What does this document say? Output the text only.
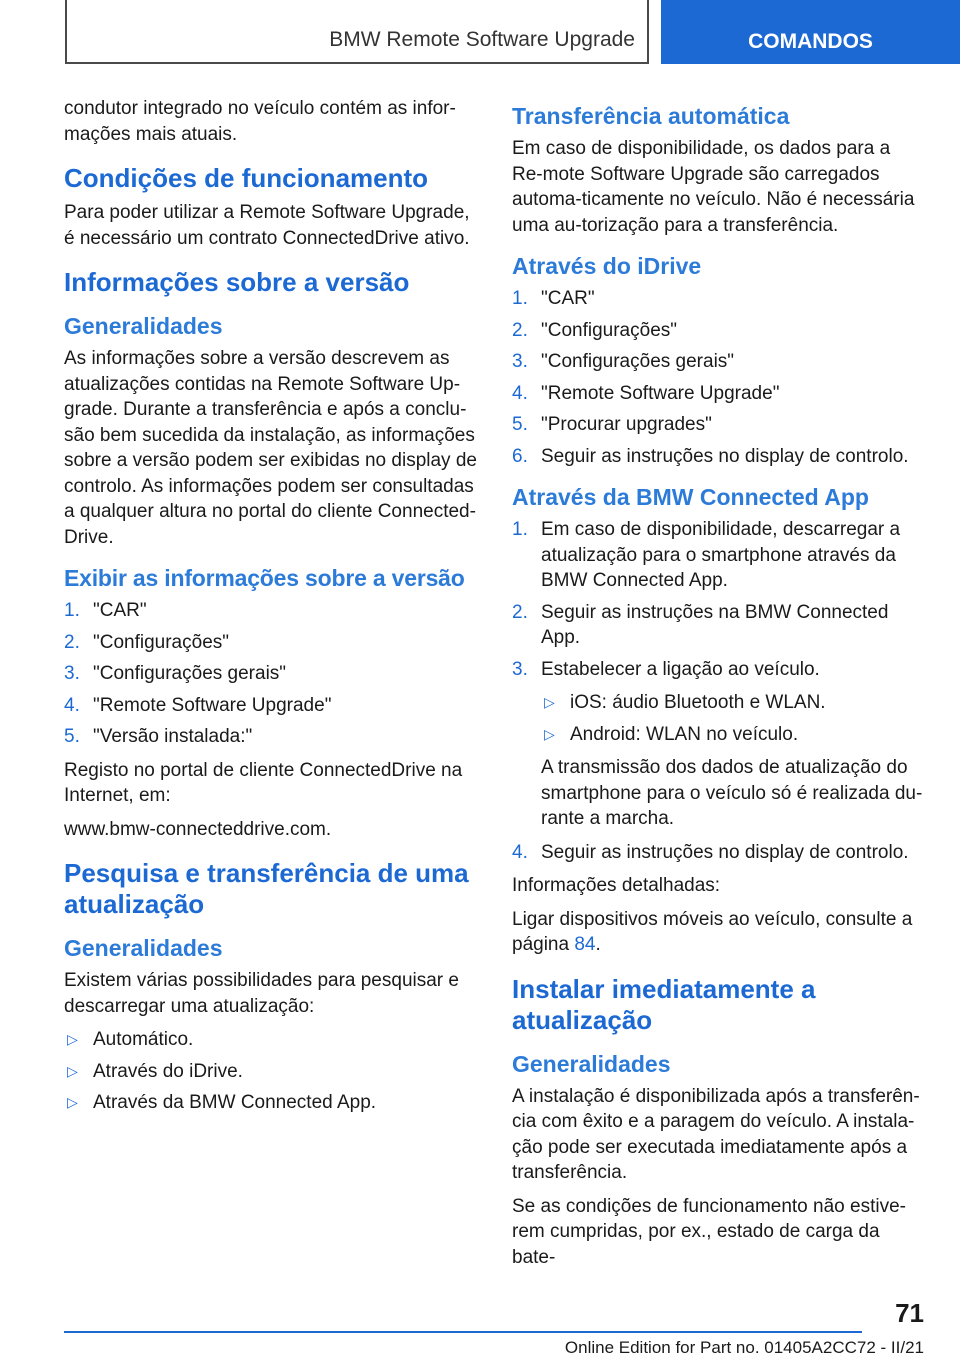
BMW Remote Software Upgrade	COMANDOS

condutor integrado no veículo contém as infor-mações mais atuais.

Condições de funcionamento

Para poder utilizar a Remote Software Upgrade, é necessário um contrato ConnectedDrive ativo.

Informações sobre a versão
Generalidades

As informações sobre a versão descrevem as atualizações contidas na Remote Software Up-grade. Durante a transferência e após a conclu-são bem sucedida da instalação, as informações sobre a versão podem ser exibidas no display de controlo. As informações podem ser consultadas a qualquer altura no portal do cliente Connected-Drive.

Exibir as informações sobre a versão
1. "CAR"
2. "Configurações"
3. "Configurações gerais"
4. "Remote Software Upgrade"
5. "Versão instalada:"

Registo no portal de cliente ConnectedDrive na Internet, em:

www.bmw-connecteddrive.com.

Pesquisa e transferência de uma atualização
Generalidades

Existem várias possibilidades para pesquisar e descarregar uma atualização:

▷ Automático.
▷ Através do iDrive.
▷ Através da BMW Connected App.
Transferência automática

Em caso de disponibilidade, os dados para a Re-mote Software Upgrade são carregados automa-ticamente no veículo. Não é necessária uma au-torização para a transferência.

Através do iDrive
1. "CAR"
2. "Configurações"
3. "Configurações gerais"
4. "Remote Software Upgrade"
5. "Procurar upgrades"
6. Seguir as instruções no display de controlo.
Através da BMW Connected App
1. Em caso de disponibilidade, descarregar a atualização para o smartphone através da BMW Connected App.
2. Seguir as instruções na BMW Connected App.
3. Estabelecer a ligação ao veículo.
▷ iOS: áudio Bluetooth e WLAN.
▷ Android: WLAN no veículo.

A transmissão dos dados de atualização do smartphone para o veículo só é realizada du-rante a marcha.

4. Seguir as instruções no display de controlo.

Informações detalhadas:

Ligar dispositivos móveis ao veículo, consulte a página 84.

Instalar imediatamente a atualização
Generalidades

A instalação é disponibilizada após a transferên-cia com êxito e a paragem do veículo. A instala-ção pode ser executada imediatamente após a transferência.

Se as condições de funcionamento não estive-rem cumpridas, por ex., estado de carga da bate-

71
Online Edition for Part no. 01405A2CC72 - II/21
